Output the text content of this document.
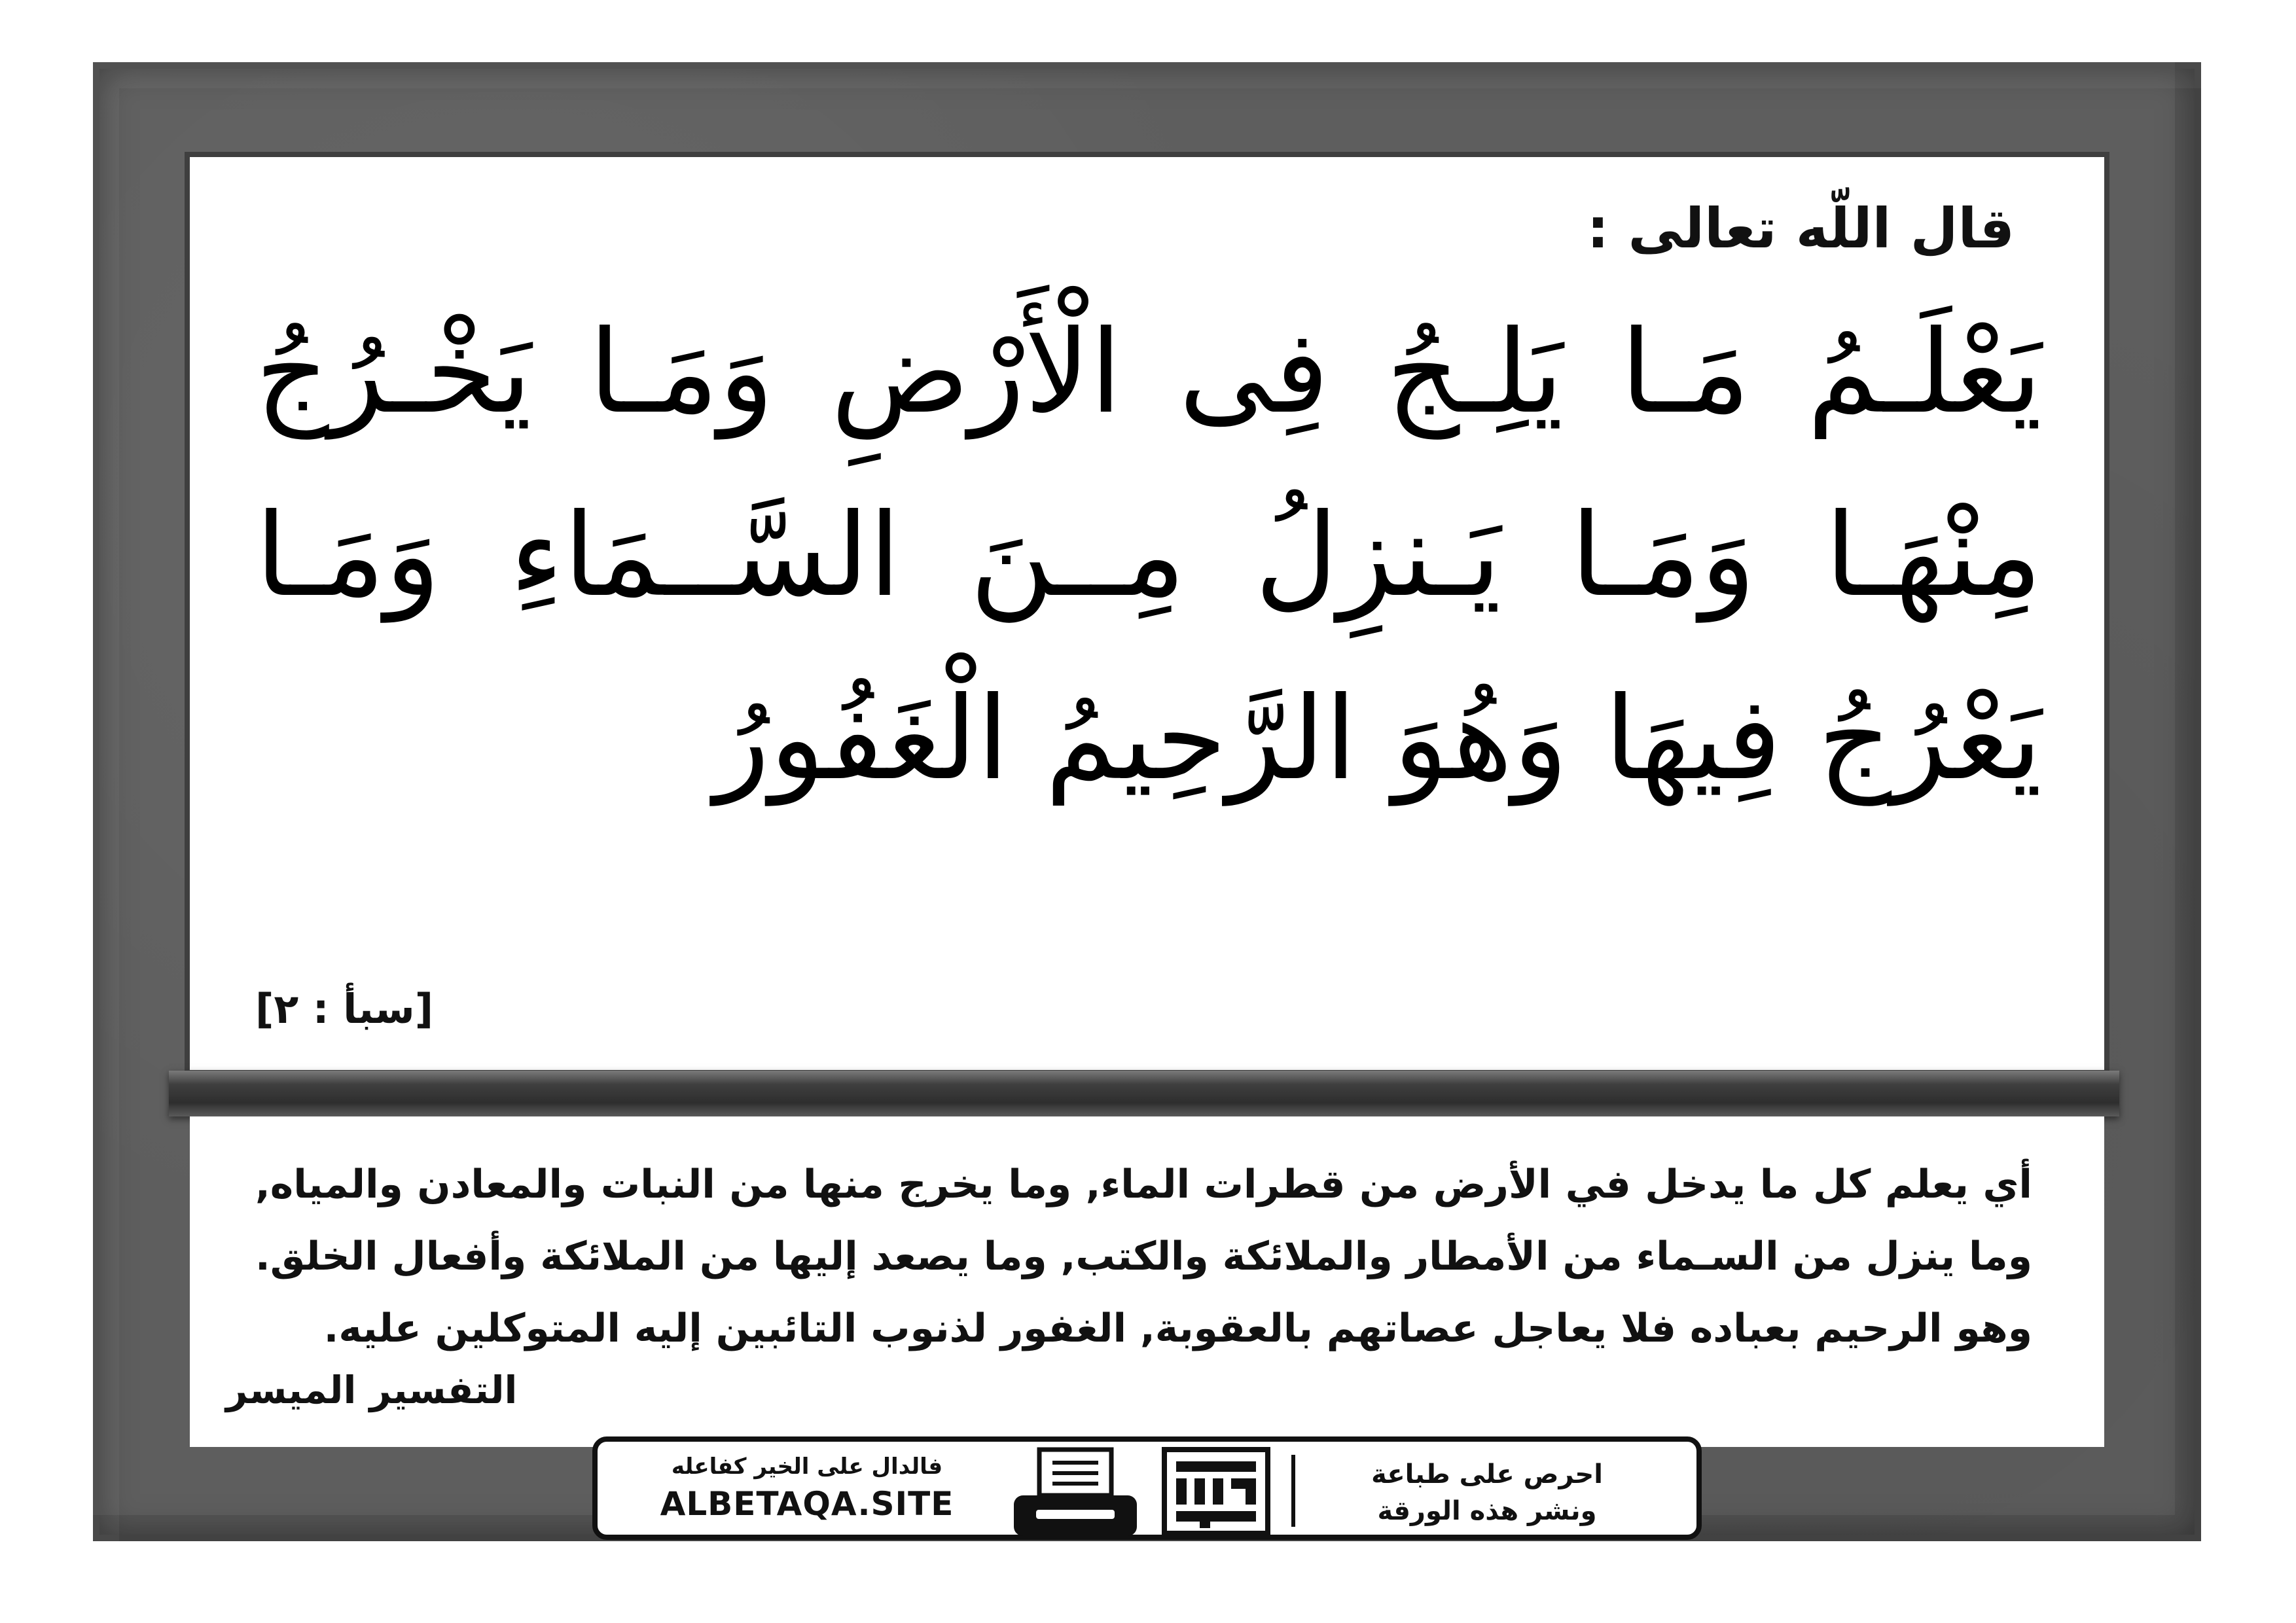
قال اللّه تعالى :
يَعْلَـمُ مَـا يَلِـجُ فِى الْأَرْضِ وَمَـا يَخْـرُجُ مِنْهَـا وَمَـا يَـنزِلُ مِــنَ السَّــمَاءِ وَمَـا يَعْرُجُ فِيهَا وَهُوَ الرَّحِيمُ الْغَفُورُ
[سبأ : ٢]
أي يعلم كل ما يدخل في الأرض من قطرات الماء, وما يخرج منها من النبات والمعادن والمياه, وما ينزل من السـماء من الأمطار والملائكة والكتب, وما يصعد إليها من الملائكة وأفعال الخلق. وهو الرحيم بعباده فلا يعاجل عصاتهم بالعقوبة, الغفور لذنوب التائبين إليه المتوكلين عليه.
التفسير الميسر
فالدال على الخير كفاعله
ALBETAQA.SITE
احرص على طباعة
ونشر هذه الورقة
